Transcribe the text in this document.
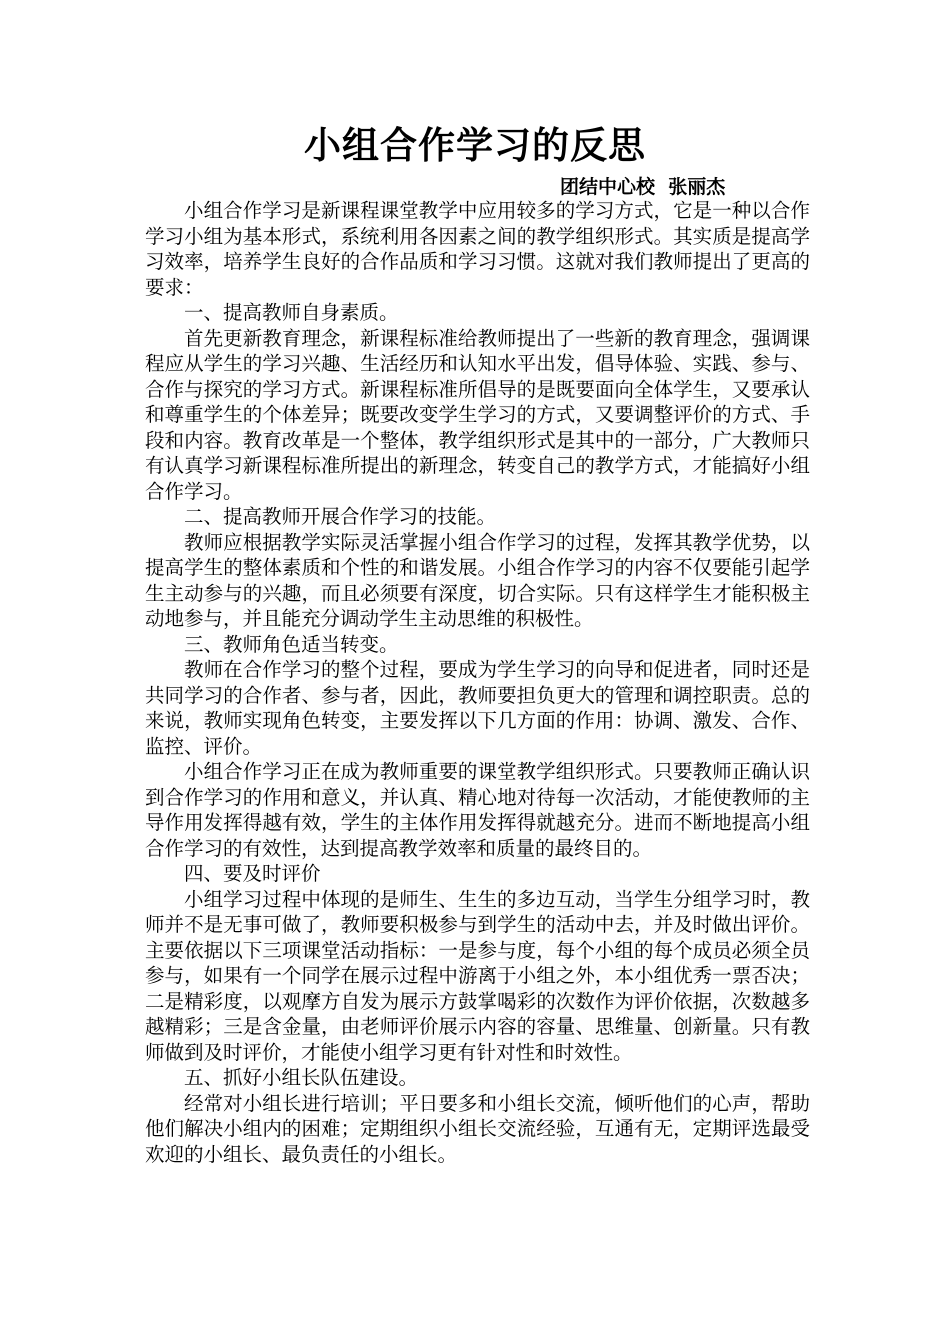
小组合作学习的反思
团结中心校  张丽杰

小组合作学习是新课程课堂教学中应用较多的学习方式，它是一种以合作学习小组为基本形式，系统利用各因素之间的教学组织形式。其实质是提高学习效率，培养学生良好的合作品质和学习习惯。这就对我们教师提出了更高的要求：

一、提高教师自身素质。

首先更新教育理念，新课程标准给教师提出了一些新的教育理念，强调课程应从学生的学习兴趣、生活经历和认知水平出发，倡导体验、实践、参与、合作与探究的学习方式。新课程标准所倡导的是既要面向全体学生，又要承认和尊重学生的个体差异；既要改变学生学习的方式，又要调整评价的方式、手段和内容。教育改革是一个整体，教学组织形式是其中的一部分，广大教师只有认真学习新课程标准所提出的新理念，转变自己的教学方式，才能搞好小组合作学习。

二、提高教师开展合作学习的技能。

教师应根据教学实际灵活掌握小组合作学习的过程，发挥其教学优势，以提高学生的整体素质和个性的和谐发展。小组合作学习的内容不仅要能引起学生主动参与的兴趣，而且必须要有深度，切合实际。只有这样学生才能积极主动地参与，并且能充分调动学生主动思维的积极性。

三、教师角色适当转变。

教师在合作学习的整个过程，要成为学生学习的向导和促进者，同时还是共同学习的合作者、参与者，因此，教师要担负更大的管理和调控职责。总的来说，教师实现角色转变，主要发挥以下几方面的作用：协调、激发、合作、监控、评价。

小组合作学习正在成为教师重要的课堂教学组织形式。只要教师正确认识到合作学习的作用和意义，并认真、精心地对待每一次活动，才能使教师的主导作用发挥得越有效，学生的主体作用发挥得就越充分。进而不断地提高小组合作学习的有效性，达到提高教学效率和质量的最终目的。

四、要及时评价

小组学习过程中体现的是师生、生生的多边互动，当学生分组学习时，教师并不是无事可做了，教师要积极参与到学生的活动中去，并及时做出评价。主要依据以下三项课堂活动指标：一是参与度，每个小组的每个成员必须全员参与，如果有一个同学在展示过程中游离于小组之外，本小组优秀一票否决；二是精彩度，以观摩方自发为展示方鼓掌喝彩的次数作为评价依据，次数越多越精彩；三是含金量，由老师评价展示内容的容量、思维量、创新量。只有教师做到及时评价，才能使小组学习更有针对性和时效性。

五、抓好小组长队伍建设。

经常对小组长进行培训；平日要多和小组长交流，倾听他们的心声，帮助他们解决小组内的困难；定期组织小组长交流经验，互通有无，定期评选最受欢迎的小组长、最负责任的小组长。
